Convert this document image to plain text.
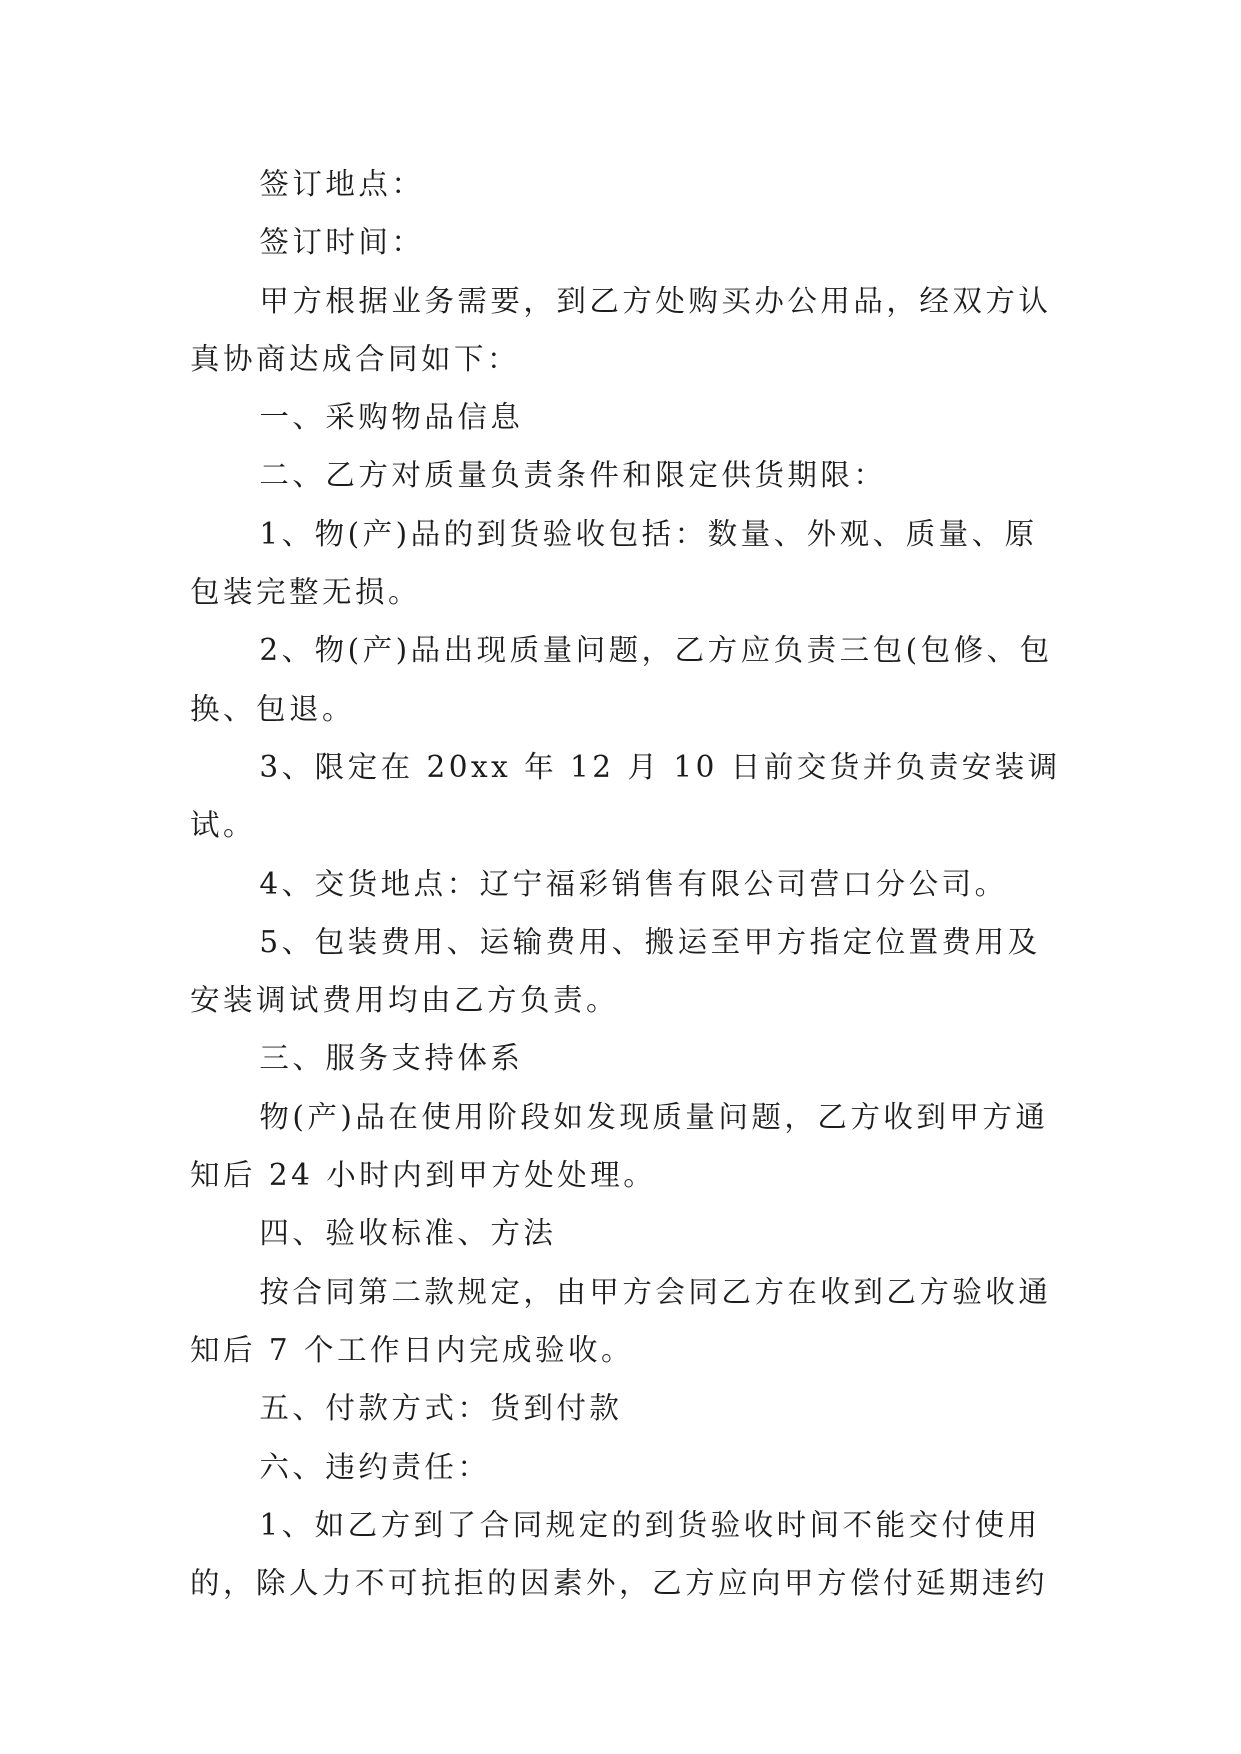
签订地点：

签订时间：

甲方根据业务需要，到乙方处购买办公用品，经双方认真协商达成合同如下：

一、采购物品信息

二、乙方对质量负责条件和限定供货期限：

1、物(产)品的到货验收包括：数量、外观、质量、原包装完整无损。

2、物(产)品出现质量问题，乙方应负责三包(包修、包换、包退。

3、限定在 20xx 年 12 月 10 日前交货并负责安装调试。

4、交货地点：辽宁福彩销售有限公司营口分公司。

5、包装费用、运输费用、搬运至甲方指定位置费用及安装调试费用均由乙方负责。

三、服务支持体系

物(产)品在使用阶段如发现质量问题，乙方收到甲方通知后 24 小时内到甲方处处理。

四、验收标准、方法

按合同第二款规定，由甲方会同乙方在收到乙方验收通知后 7 个工作日内完成验收。

五、付款方式：货到付款

六、违约责任：

1、如乙方到了合同规定的到货验收时间不能交付使用的，除人力不可抗拒的因素外，乙方应向甲方偿付延期违约
